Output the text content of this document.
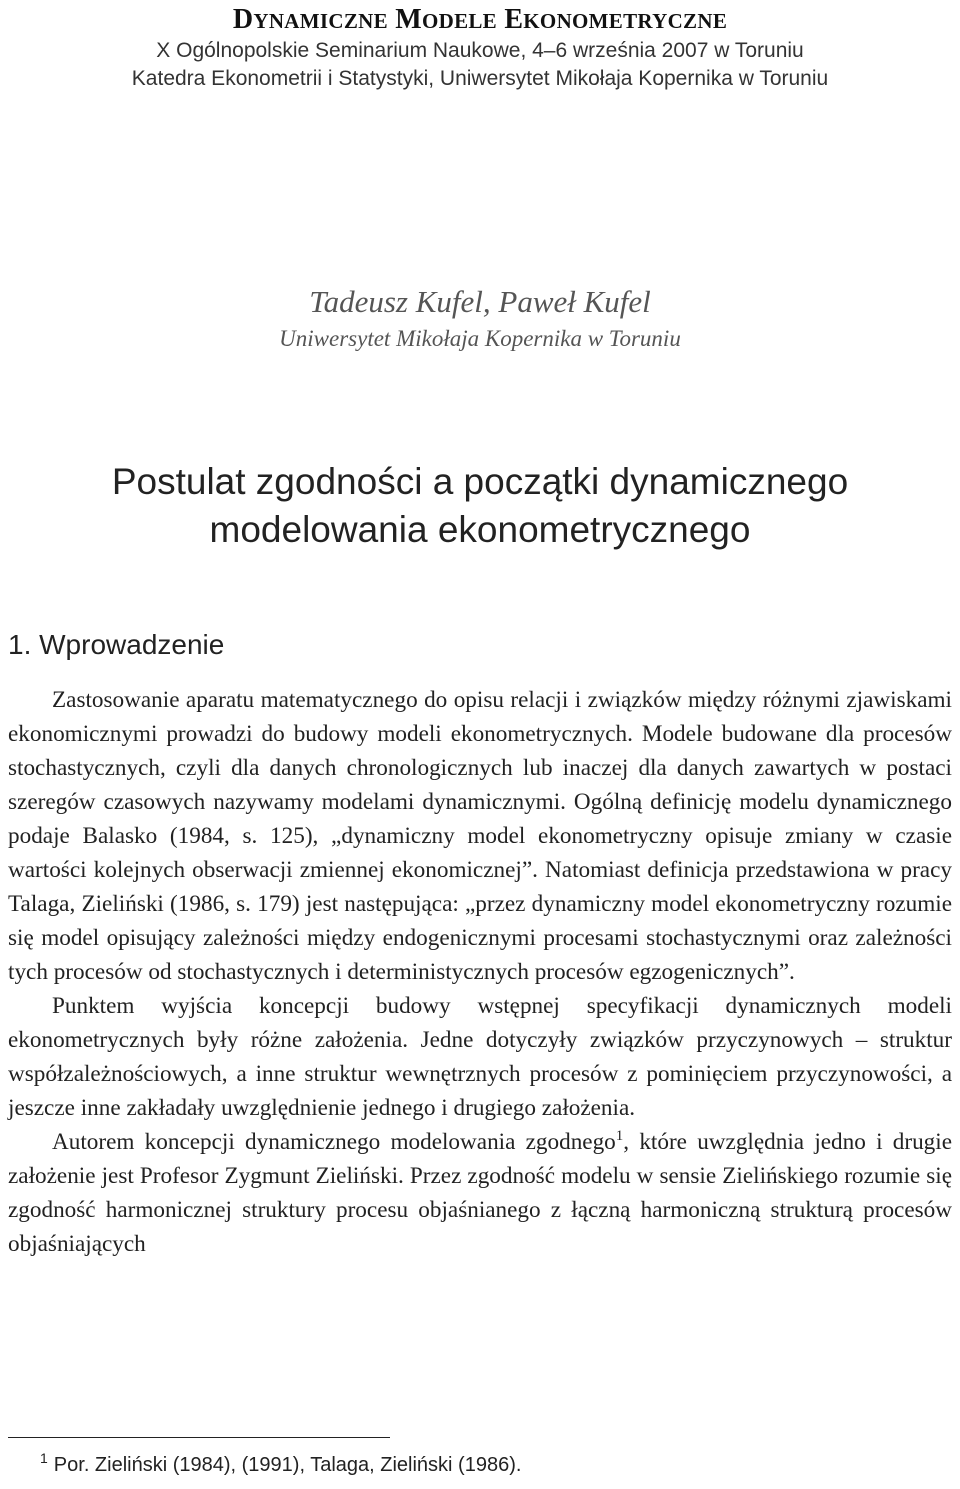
DYNAMICZNE MODELE EKONOMETRYCZNE
X Ogólnopolskie Seminarium Naukowe, 4–6 września 2007 w Toruniu
Katedra Ekonometrii i Statystyki, Uniwersytet Mikołaja Kopernika w Toruniu
Tadeusz Kufel, Paweł Kufel
Uniwersytet Mikołaja Kopernika w Toruniu
Postulat zgodności a początki dynamicznego
modelowania ekonometrycznego
1. Wprowadzenie

Zastosowanie aparatu matematycznego do opisu relacji i związków między różnymi zjawiskami ekonomicznymi prowadzi do budowy modeli ekonometrycznych. Modele budowane dla procesów stochastycznych, czyli dla danych chronologicznych lub inaczej dla danych zawartych w postaci szeregów czasowych nazywamy modelami dynamicznymi. Ogólną definicję modelu dynamicznego podaje Balasko (1984, s. 125), „dynamiczny model ekonometryczny opisuje zmiany w czasie wartości kolejnych obserwacji zmiennej ekonomicznej”. Natomiast definicja przedstawiona w pracy Talaga, Zieliński (1986, s. 179) jest następująca: „przez dynamiczny model ekonometryczny rozumie się model opisujący zależności między endogenicznymi procesami stochastycznymi oraz zależności tych procesów od stochastycznych i deterministycznych procesów egzogenicznych”.

Punktem wyjścia koncepcji budowy wstępnej specyfikacji dynamicznych modeli ekonometrycznych były różne założenia. Jedne dotyczyły związków przyczynowych – struktur współzależnościowych, a inne struktur wewnętrznych procesów z pominięciem przyczynowości, a jeszcze inne zakładały uwzględnienie jednego i drugiego założenia.

Autorem koncepcji dynamicznego modelowania zgodnego$^1$, które uwzględnia jedno i drugie założenie jest Profesor Zygmunt Zieliński. Przez zgodność modelu w sensie Zielińskiego rozumie się zgodność harmonicznej struktury procesu objaśnianego z łączną harmoniczną strukturą procesów objaśniających

$^1$ Por. Zieliński (1984), (1991), Talaga, Zieliński (1986).
